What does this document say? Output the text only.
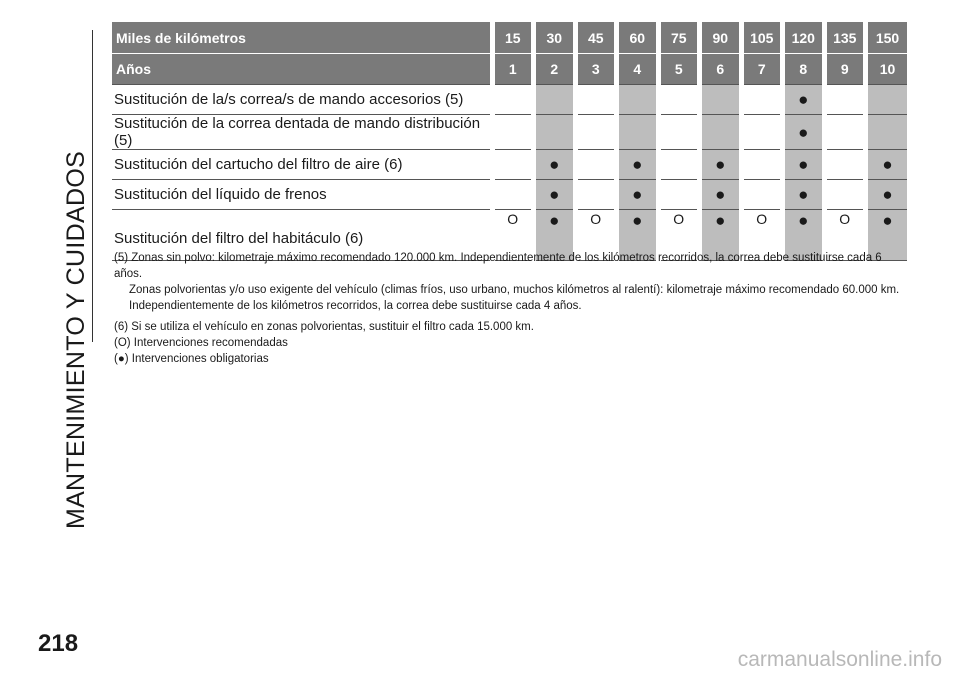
MANTENIMIENTO Y CUIDADOS
Miles de kilómetros	15	30	45	60	75	90	105	120	135	150
Años	1	2	3	4	5	6	7	8	9	10
Sustitución de la/s correa/s de mando accesorios (5)								●		
Sustitución de la correa dentada de mando distribución (5)								●		
Sustitución del cartucho del filtro de aire (6)		●		●		●		●		●
Sustitución del líquido de frenos		●		●		●		●		●
Sustitución del filtro del habitáculo (6)	O	●	O	●	O	●	O	●	O	●

(5) Zonas sin polvo: kilometraje máximo recomendado 120.000 km. Independientemente de los kilómetros recorridos, la correa debe sustituirse cada 6 años.

Zonas polvorientas y/o uso exigente del vehículo (climas fríos, uso urbano, muchos kilómetros al ralentí): kilometraje máximo recomendado 60.000 km.

Independientemente de los kilómetros recorridos, la correa debe sustituirse cada 4 años.

(6) Si se utiliza el vehículo en zonas polvorientas, sustituir el filtro cada 15.000 km.

(O) Intervenciones recomendadas

(●) Intervenciones obligatorias

218
carmanualsonline.info
